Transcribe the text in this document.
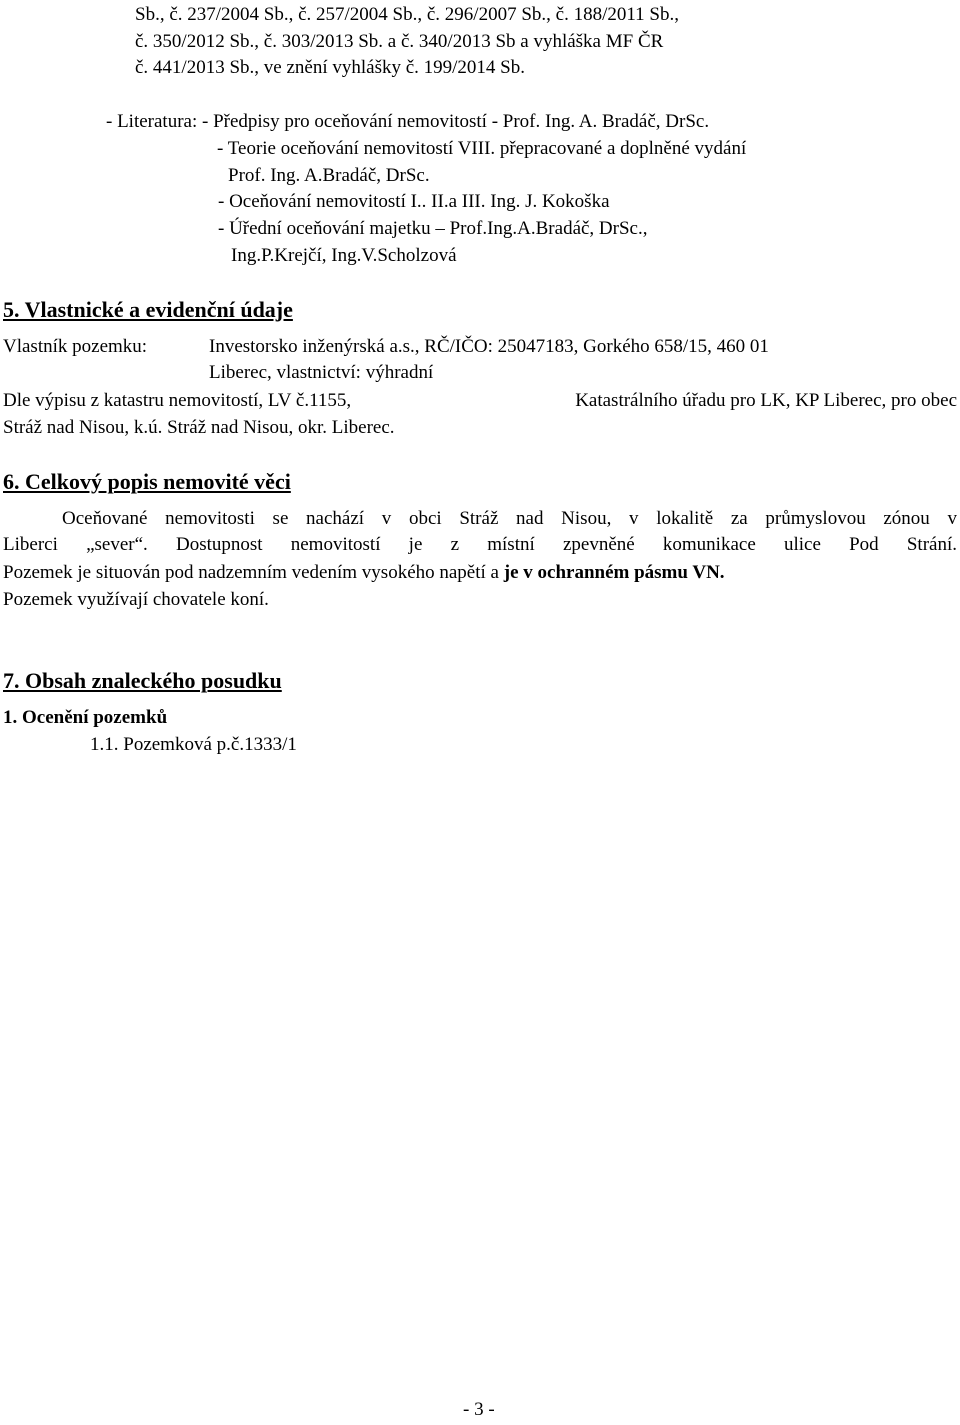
Sb., č. 237/2004 Sb., č. 257/2004 Sb., č. 296/2007 Sb., č. 188/2011 Sb.,
č. 350/2012 Sb., č. 303/2013 Sb. a č. 340/2013 Sb a vyhláška MF ČR
č. 441/2013 Sb., ve znění vyhlášky č. 199/2014 Sb.
- Literatura: - Předpisy pro oceňování nemovitostí - Prof. Ing. A. Bradáč, DrSc.
- Teorie oceňování nemovitostí VIII. přepracované a doplněné vydání
Prof. Ing. A.Bradáč, DrSc.
- Oceňování nemovitostí I.. II.a III. Ing. J. Kokoška
- Úřední oceňování majetku – Prof.Ing.A.Bradáč, DrSc.,
Ing.P.Krejčí, Ing.V.Scholzová
5. Vlastnické a evidenční údaje
Vlastník pozemku:	Investorsko inženýrská a.s., RČ/IČO: 25047183, Gorkého 658/15, 460 01
Liberec, vlastnictví: výhradní
Dle výpisu z katastru nemovitostí, LV č.1155,	Katastrálního úřadu pro LK, KP Liberec, pro obec
Stráž nad Nisou, k.ú. Stráž nad Nisou, okr. Liberec.
6. Celkový popis nemovité věci
Oceňované nemovitosti se nachází v obci Stráž nad Nisou, v lokalitě za průmyslovou zónou v
Liberci „sever“. Dostupnost nemovitostí je z místní zpevněné komunikace ulice Pod Strání.
Pozemek je situován pod nadzemním vedením vysokého napětí a je v ochranném pásmu VN.
Pozemek využívají chovatele koní.
7. Obsah znaleckého posudku
1. Ocenění pozemků
1.1. Pozemková p.č.1333/1
- 3 -
